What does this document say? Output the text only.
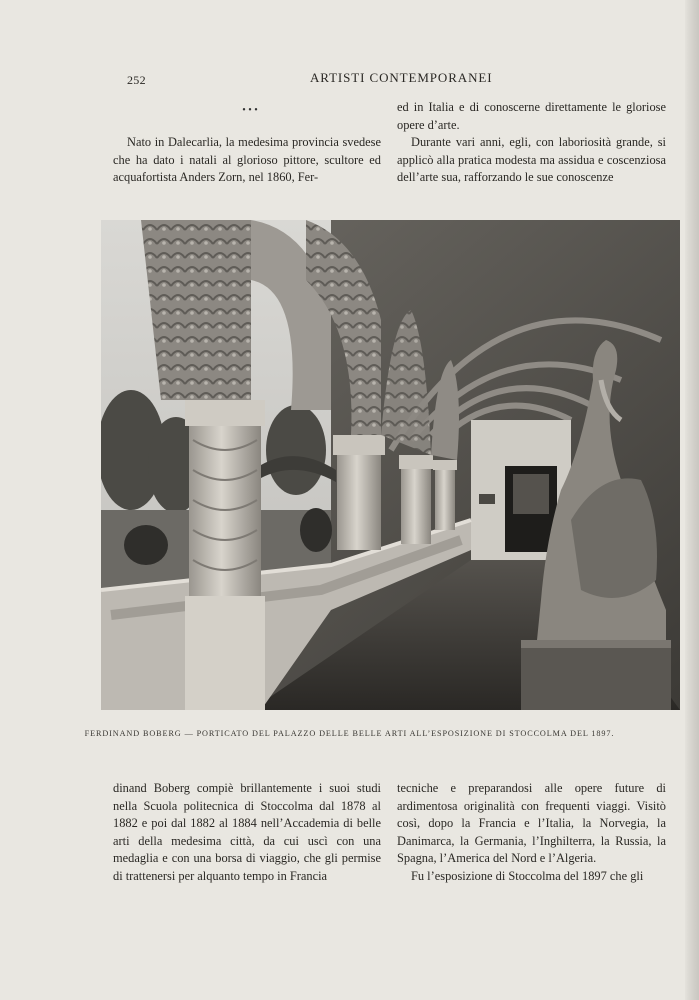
252	ARTISTI CONTEMPORANEI
• • •

Nato in Dalecarlia, la medesima provincia svedese che ha dato i natali al glorioso pittore, scultore ed acquafortista Anders Zorn, nel 1860, Fer-

ed in Italia e di conoscerne direttamente le gloriose opere d’arte.

Durante vari anni, egli, con laboriosità grande, si applicò alla pratica modesta ma assidua e coscenziosa dell’arte sua, rafforzando le sue conoscenze

FERDINAND BOBERG — PORTICATO DEL PALAZZO DELLE BELLE ARTI ALL’ESPOSIZIONE DI STOCCOLMA DEL 1897.

dinand Boberg compiè brillantemente i suoi studi nella Scuola politecnica di Stoccolma dal 1878 al 1882 e poi dal 1882 al 1884 nell’Accademia di belle arti della medesima città, da cui uscì con una medaglia e con una borsa di viaggio, che gli permise di trattenersi per alquanto tempo in Francia

tecniche e preparandosi alle opere future di ardimentosa originalità con frequenti viaggi. Visitò così, dopo la Francia e l’Italia, la Norvegia, la Danimarca, la Germania, l’Inghilterra, la Russia, la Spagna, l’America del Nord e l’Algeria.

Fu l’esposizione di Stoccolma del 1897 che gli
